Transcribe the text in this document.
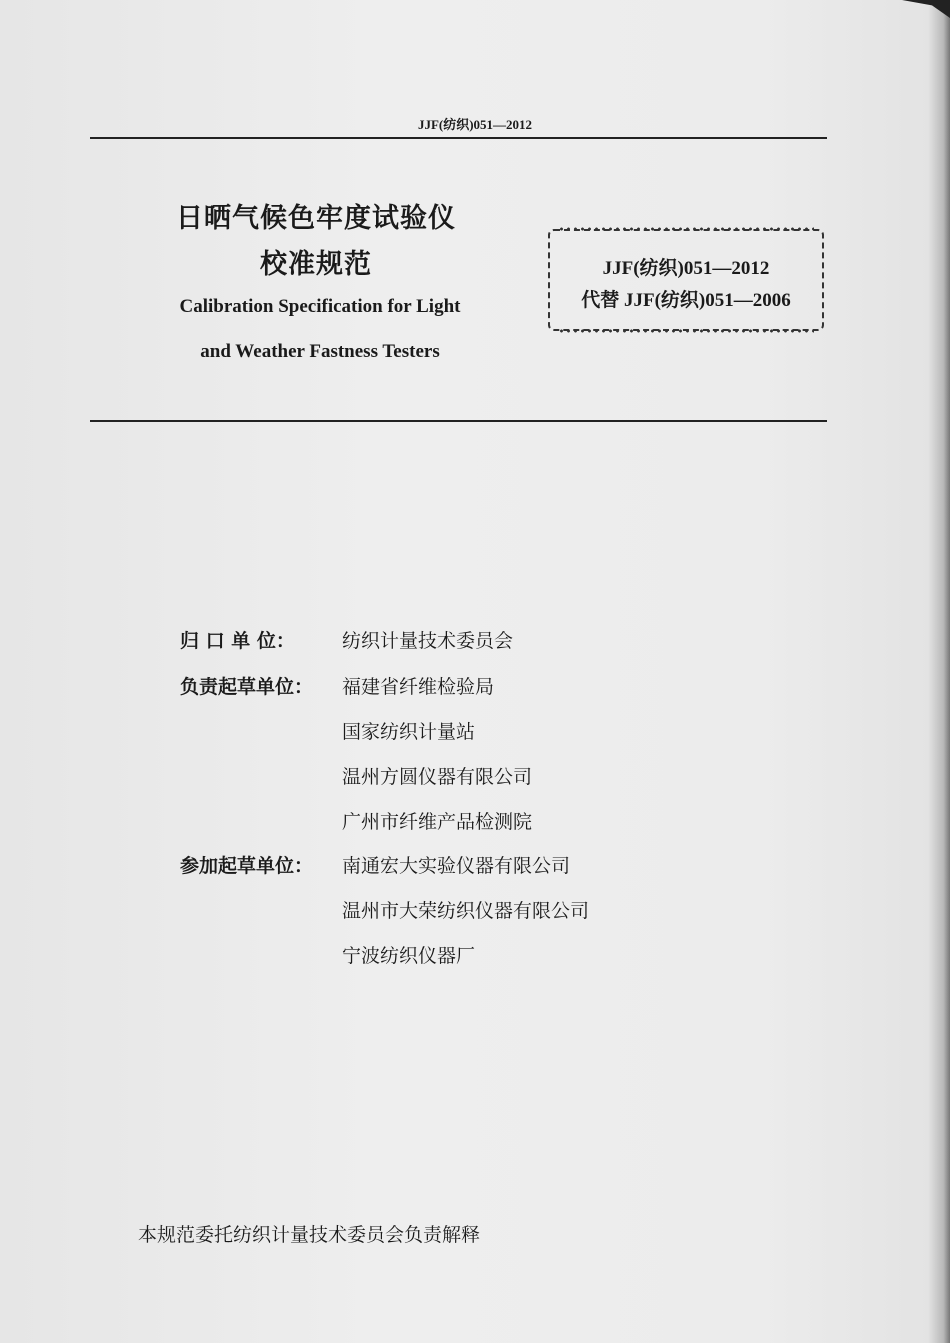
JJF(纺织)051—2012
日晒气候色牢度试验仪
校准规范
Calibration Specification for Light
and Weather Fastness Testers
JJF(纺织)051—2012
代替 JJF(纺织)051—2006
归 口 单 位：	纺织计量技术委员会
负责起草单位：	福建省纤维检验局
国家纺织计量站
温州方圆仪器有限公司
广州市纤维产品检测院
参加起草单位：	南通宏大实验仪器有限公司
温州市大荣纺织仪器有限公司
宁波纺织仪器厂
本规范委托纺织计量技术委员会负责解释
